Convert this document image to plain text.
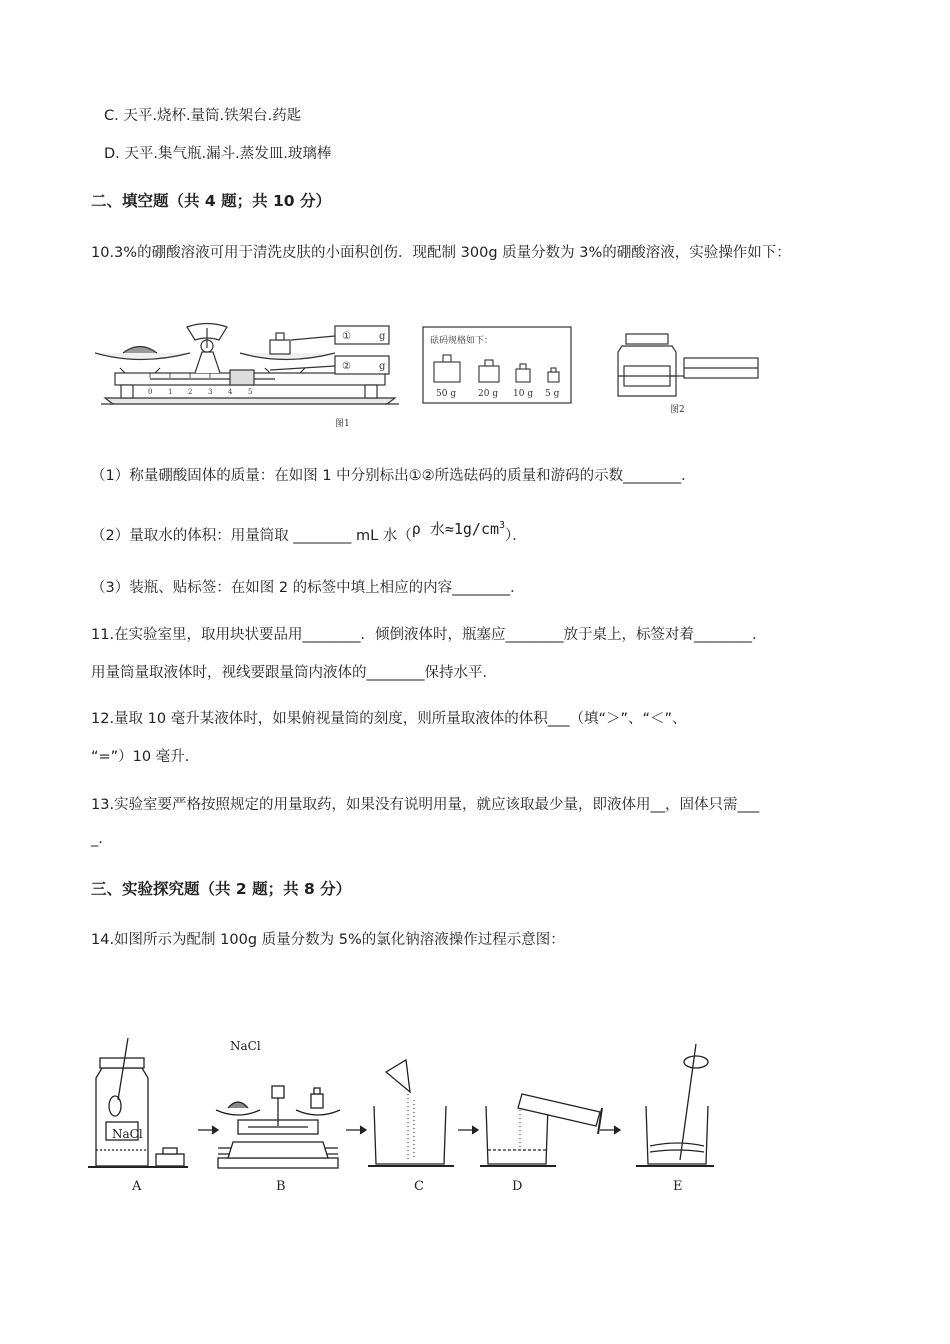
C. 天平.烧杯.量筒.铁架台.药匙
D. 天平.集气瓶.漏斗.蒸发皿.玻璃棒
二、填空题（共 4 题；共 10 分）
10.3%的硼酸溶液可用于清洗皮肤的小面积创伤．现配制 300g 质量分数为 3%的硼酸溶液，实验操作如下：
①	g
②	g
0 1 2 3 4 5
图1
砝码规格如下：
50 g 20 g 10 g 5 g
图2
（1）称量硼酸固体的质量：在如图 1 中分别标出①②所选砝码的质量和游码的示数________．
（2）量取水的体积：用量筒取 ________ mL 水（ρ 水$\approx 1g/cm^3$）．
（3）装瓶、贴标签：在如图 2 的标签中填上相应的内容________．
11.在实验室里，取用块状要品用________．倾倒液体时，瓶塞应________放于桌上，标签对着________．
用量筒量取液体时，视线要跟量筒内液体的________保持水平．
12.量取 10 毫升某液体时，如果俯视量筒的刻度，则所量取液体的体积___（填“＞”、“＜”、
“=”）10 毫升．
13.实验室要严格按照规定的用量取药，如果没有说明用量，就应该取最少量，即液体用__，固体只需___
_.
三、实验探究题（共 2 题；共 8 分）
14.如图所示为配制 100g 质量分数为 5%的氯化钠溶液操作过程示意图：
NaCl
NaCl
A	B	C	D	E
